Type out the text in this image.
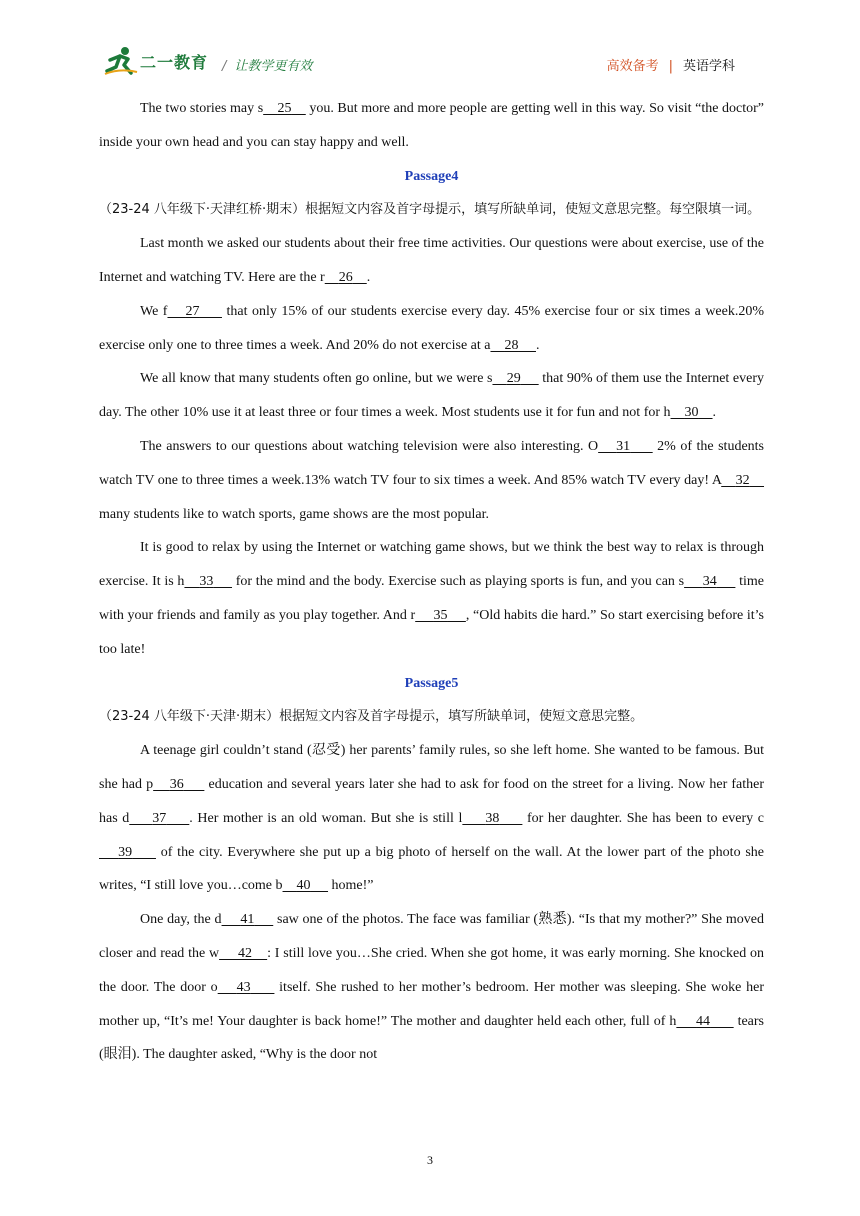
二一教育 / 让教学更有效	高效备考 | 英语学科

The two stories may s 25     you. But more and more people are getting well in this way. So visit “the doctor” inside your own head and you can stay happy and well.

Passage4

（23-24 八年级下·天津红桥·期末）根据短文内容及首字母提示，填写所缺单词，使短文意思完整。每空限填一词。

Last month we asked our students about their free time activities. Our questions were about exercise, use of the Internet and watching TV. Here are the r 26 .

We f 27      that only 15% of our students exercise every day. 45% exercise four or six times a week.20% exercise only one to three times a week. And 20% do not exercise at a 28 .

We all know that many students often go online, but we were s 29      that 90% of them use the Internet every day. The other 10% use it at least three or four times a week. Most students use it for fun and not for h 30 .

The answers to our questions about watching television were also interesting. O 31      2% of the students watch TV one to three times a week.13% watch TV four to six times a week. And 85% watch TV every day! A 32     many students like to watch sports, game shows are the most popular.

It is good to relax by using the Internet or watching game shows, but we think the best way to relax is through exercise. It is h 33      for the mind and the body. Exercise such as playing sports is fun, and you can s 34      time with your friends and family as you play together. And r 35 , “Old habits die hard.” So start exercising before it’s too late!

Passage5

（23-24 八年级下·天津·期末）根据短文内容及首字母提示，填写所缺单词，使短文意思完整。

A teenage girl couldn’t stand (忍受) her parents’ family rules, so she left home. She wanted to be famous. But she had p 36      education and several years later she had to ask for food on the street for a living. Now her father has d 37 . Her mother is an old woman. But she is still l 38      for her daughter. She has been to every c    39      of the city. Everywhere she put up a big photo of herself on the wall. At the lower part of the photo she writes, “I still love you…come b 40      home!”

One day, the d 41      saw one of the photos. The face was familiar (熟悉). “Is that my mother?” She moved closer and read the w 42 : I still love you…She cried. When she got home, it was early morning. She knocked on the door. The door o 43      itself. She rushed to her mother’s bedroom. Her mother was sleeping. She woke her mother up, “It’s me! Your daughter is back home!” The mother and daughter held each other, full of h 44       tears (眼泪). The daughter asked, “Why is the door not

3
